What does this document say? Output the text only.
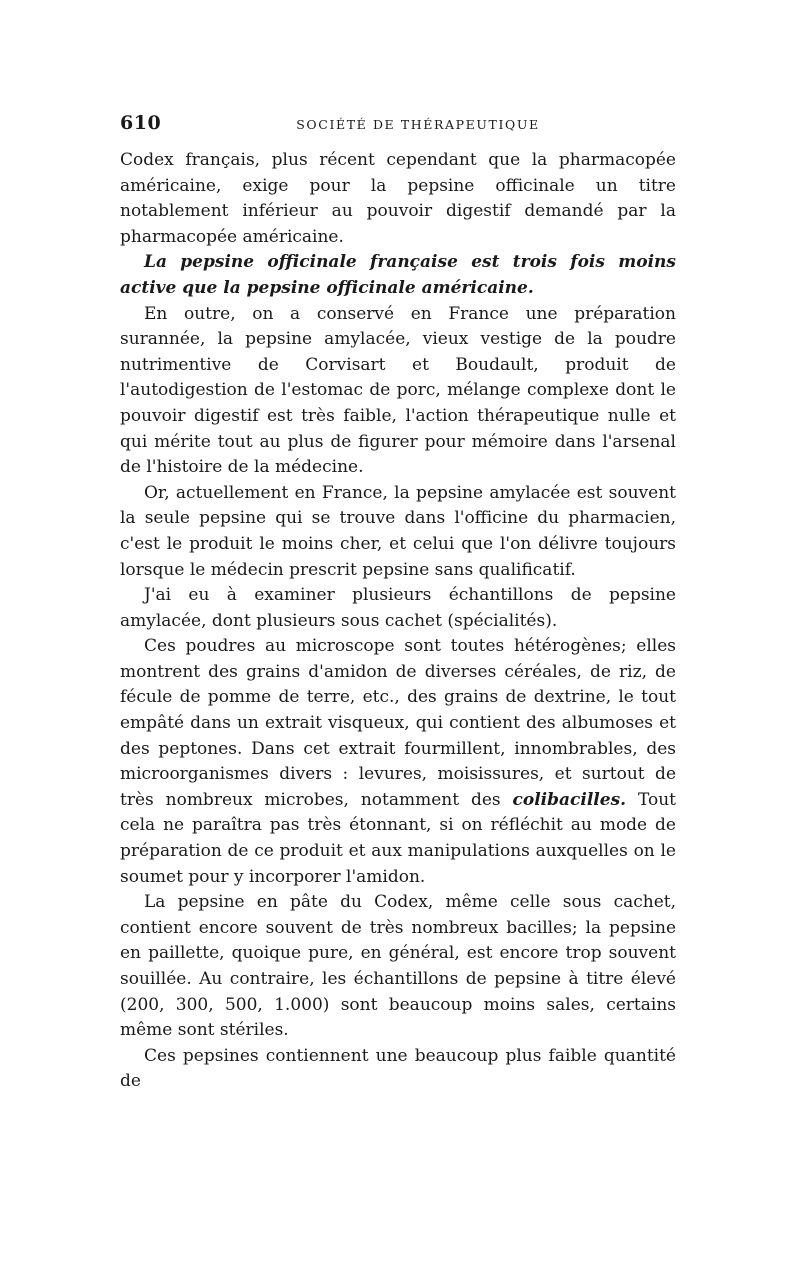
610	SOCIÉTÉ DE THÉRAPEUTIQUE

Codex français, plus récent cependant que la pharmacopée américaine, exige pour la pepsine officinale un titre notablement inférieur au pouvoir digestif demandé par la pharmacopée américaine.

La pepsine officinale française est trois fois moins active que la pepsine officinale américaine.

En outre, on a conservé en France une préparation surannée, la pepsine amylacée, vieux vestige de la poudre nutrimentive de Corvisart et Boudault, produit de l'autodigestion de l'estomac de porc, mélange complexe dont le pouvoir digestif est très faible, l'action thérapeutique nulle et qui mérite tout au plus de figurer pour mémoire dans l'arsenal de l'histoire de la médecine.

Or, actuellement en France, la pepsine amylacée est souvent la seule pepsine qui se trouve dans l'officine du pharmacien, c'est le produit le moins cher, et celui que l'on délivre toujours lorsque le médecin prescrit pepsine sans qualificatif.

J'ai eu à examiner plusieurs échantillons de pepsine amylacée, dont plusieurs sous cachet (spécialités).

Ces poudres au microscope sont toutes hétérogènes; elles montrent des grains d'amidon de diverses céréales, de riz, de fécule de pomme de terre, etc., des grains de dextrine, le tout empâté dans un extrait visqueux, qui contient des albumoses et des peptones. Dans cet extrait fourmillent, innombrables, des microorganismes divers : levures, moisissures, et surtout de très nombreux microbes, notamment des colibacilles. Tout cela ne paraîtra pas très étonnant, si on réfléchit au mode de préparation de ce produit et aux manipulations auxquelles on le soumet pour y incorporer l'amidon.

La pepsine en pâte du Codex, même celle sous cachet, contient encore souvent de très nombreux bacilles; la pepsine en paillette, quoique pure, en général, est encore trop souvent souillée. Au contraire, les échantillons de pepsine à titre élevé (200, 300, 500, 1.000) sont beaucoup moins sales, certains même sont stériles.

Ces pepsines contiennent une beaucoup plus faible quantité de
